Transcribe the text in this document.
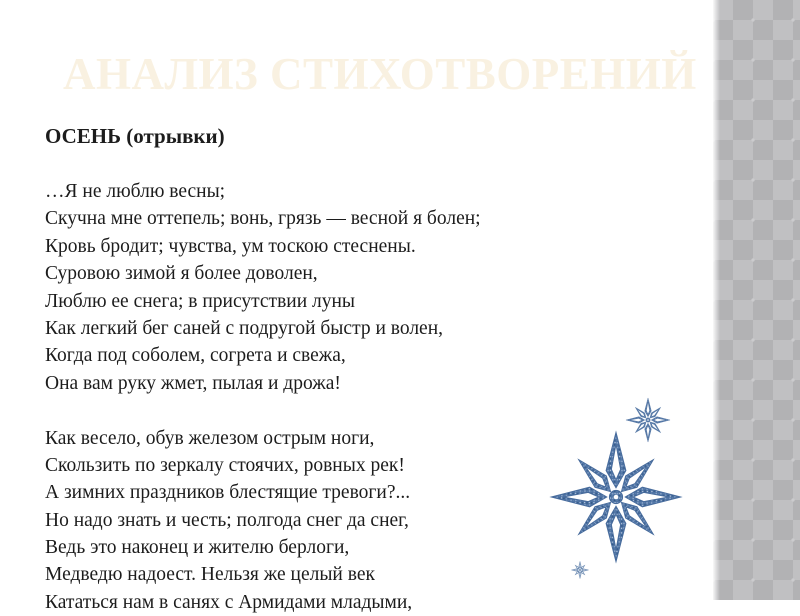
АНАЛИЗ СТИХОТВОРЕНИЙ
ОСЕНЬ (отрывки)
…Я не люблю весны;
Скучна мне оттепель; вонь, грязь — весной я болен;
Кровь бродит; чувства, ум тоскою стеснены.
Суровою зимой я более доволен,
Люблю ее снега; в присутствии луны
Как легкий бег саней с подругой быстр и волен,
Когда под соболем, согрета и свежа,
Она вам руку жмет, пылая и дрожа!
Как весело, обув железом острым ноги,
Скользить по зеркалу стоячих, ровных рек!
А зимних праздников блестящие тревоги?...
Но надо знать и честь; полгода снег да снег,
Ведь это наконец и жителю берлоги,
Медведю надоест. Нельзя же целый век
Кататься нам в санях с Армидами младыми,
